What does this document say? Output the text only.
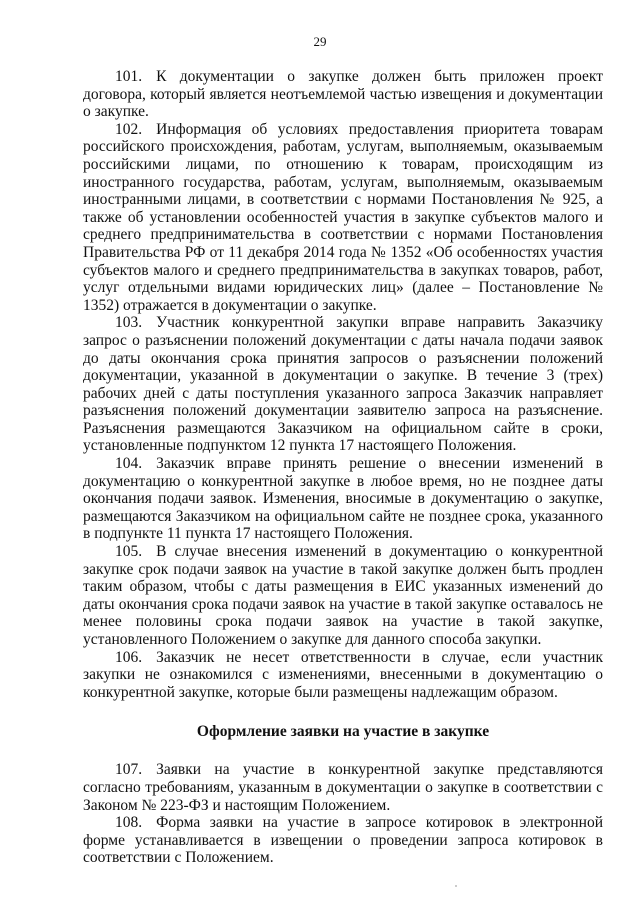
29

101. К документации о закупке должен быть приложен проект договора, который является неотъемлемой частью извещения и документации о закупке.

102. Информация об условиях предоставления приоритета товарам российского происхождения, работам, услугам, выполняемым, оказываемым российскими лицами, по отношению к товарам, происходящим из иностранного государства, работам, услугам, выполняемым, оказываемым иностранными лицами, в соответствии с нормами Постановления № 925, а также об установлении особенностей участия в закупке субъектов малого и среднего предпринимательства в соответствии с нормами Постановления Правительства РФ от 11 декабря 2014 года № 1352 «Об особенностях участия субъектов малого и среднего предпринимательства в закупках товаров, работ, услуг отдельными видами юридических лиц» (далее – Постановление № 1352) отражается в документации о закупке.

103. Участник конкурентной закупки вправе направить Заказчику запрос о разъяснении положений документации с даты начала подачи заявок до даты окончания срока принятия запросов о разъяснении положений документации, указанной в документации о закупке. В течение 3 (трех) рабочих дней с даты поступления указанного запроса Заказчик направляет разъяснения положений документации заявителю запроса на разъяснение. Разъяснения размещаются Заказчиком на официальном сайте в сроки, установленные подпунктом 12 пункта 17 настоящего Положения.

104. Заказчик вправе принять решение о внесении изменений в документацию о конкурентной закупке в любое время, но не позднее даты окончания подачи заявок. Изменения, вносимые в документацию о закупке, размещаются Заказчиком на официальном сайте не позднее срока, указанного в подпункте 11 пункта 17 настоящего Положения.

105. В случае внесения изменений в документацию о конкурентной закупке срок подачи заявок на участие в такой закупке должен быть продлен таким образом, чтобы с даты размещения в ЕИС указанных изменений до даты окончания срока подачи заявок на участие в такой закупке оставалось не менее половины срока подачи заявок на участие в такой закупке, установленного Положением о закупке для данного способа закупки.

106. Заказчик не несет ответственности в случае, если участник закупки не ознакомился с изменениями, внесенными в документацию о конкурентной закупке, которые были размещены надлежащим образом.

Оформление заявки на участие в закупке

107. Заявки на участие в конкурентной закупке представляются согласно требованиям, указанным в документации о закупке в соответствии с Законом № 223-ФЗ и настоящим Положением.

108. Форма заявки на участие в запросе котировок в электронной форме устанавливается в извещении о проведении запроса котировок в соответствии с Положением.
